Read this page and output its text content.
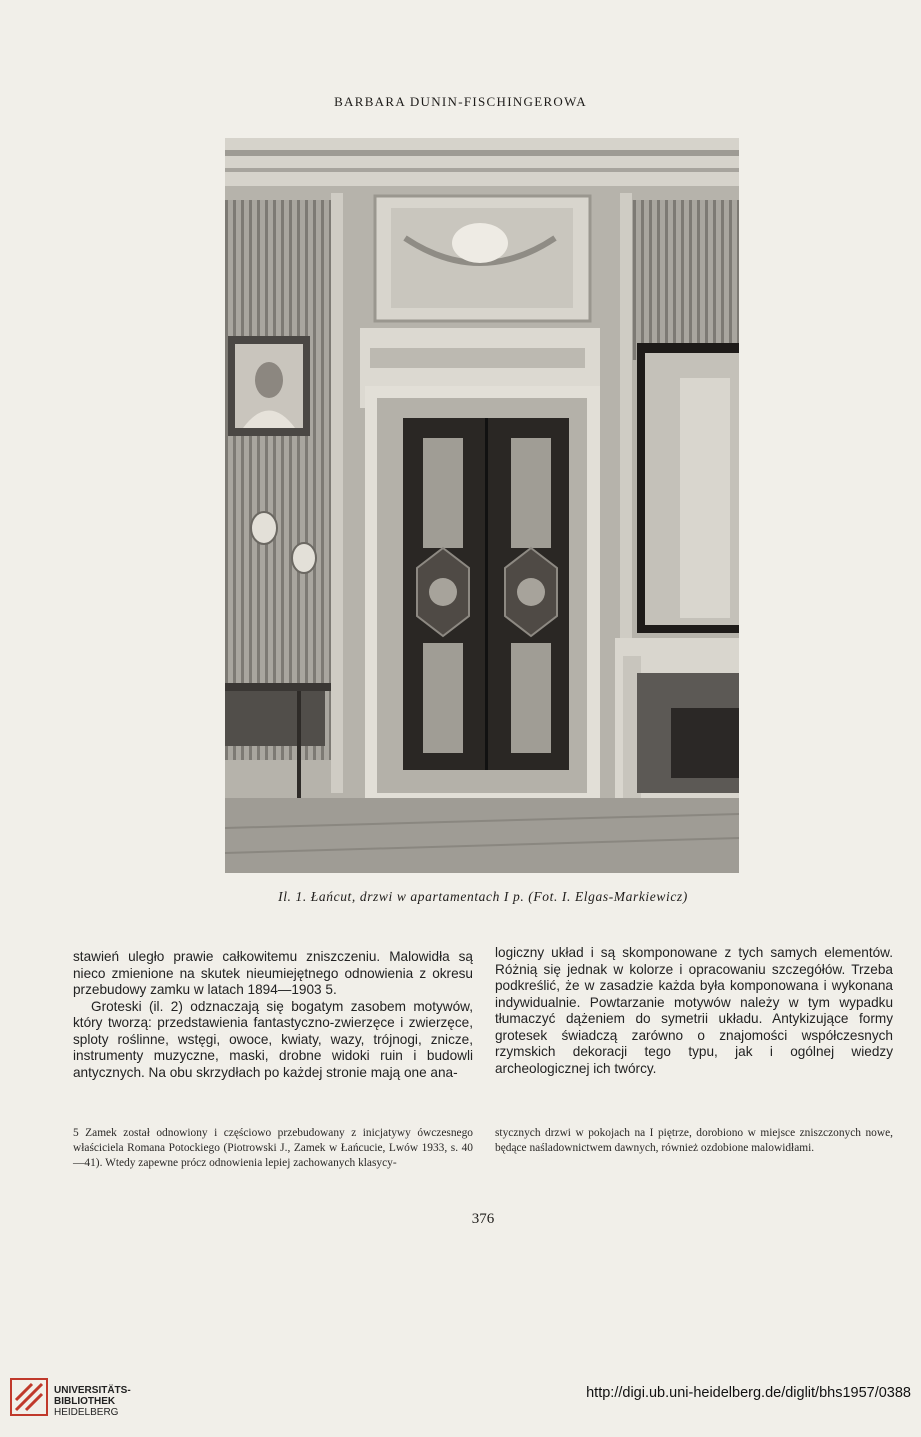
BARBARA DUNIN-FISCHINGEROWA
Il. 1. Łańcut, drzwi w apartamentach I p. (Fot. I. Elgas-Markiewicz)

stawień uległo prawie całkowitemu zniszczeniu. Malowidła są nieco zmienione na skutek nieumiejętnego odnowienia z okresu przebudowy zamku w latach 1894—1903 5.

Groteski (il. 2) odznaczają się bogatym zasobem motywów, który tworzą: przedstawienia fantastyczno-zwierzęce i zwierzęce, sploty roślinne, wstęgi, owoce, kwiaty, wazy, trójnogi, znicze, instrumenty muzyczne, maski, drobne widoki ruin i budowli antycznych. Na obu skrzydłach po każdej stronie mają one ana-

logiczny układ i są skomponowane z tych samych elementów. Różnią się jednak w kolorze i opracowaniu szczegółów. Trzeba podkreślić, że w zasadzie każda była komponowana i wykonana indywidualnie. Powtarzanie motywów należy w tym wypadku tłumaczyć dążeniem do symetrii układu. Antykizujące formy grotesek świadczą zarówno o znajomości współczesnych rzymskich dekoracji tego typu, jak i ogólnej wiedzy archeologicznej ich twórcy.

5 Zamek został odnowiony i częściowo przebudowany z inicjatywy ówczesnego właściciela Romana Potockiego (Piotrowski J., Zamek w Łańcucie, Lwów 1933, s. 40—41). Wtedy zapewne prócz odnowienia lepiej zachowanych klasycy-
stycznych drzwi w pokojach na I piętrze, dorobiono w miejsce zniszczonych nowe, będące naśladownictwem dawnych, również ozdobione malowidłami.
376
UNIVERSITÄTS-
BIBLIOTHEK
HEIDELBERG
http://digi.ub.uni-heidelberg.de/diglit/bhs1957/0388
